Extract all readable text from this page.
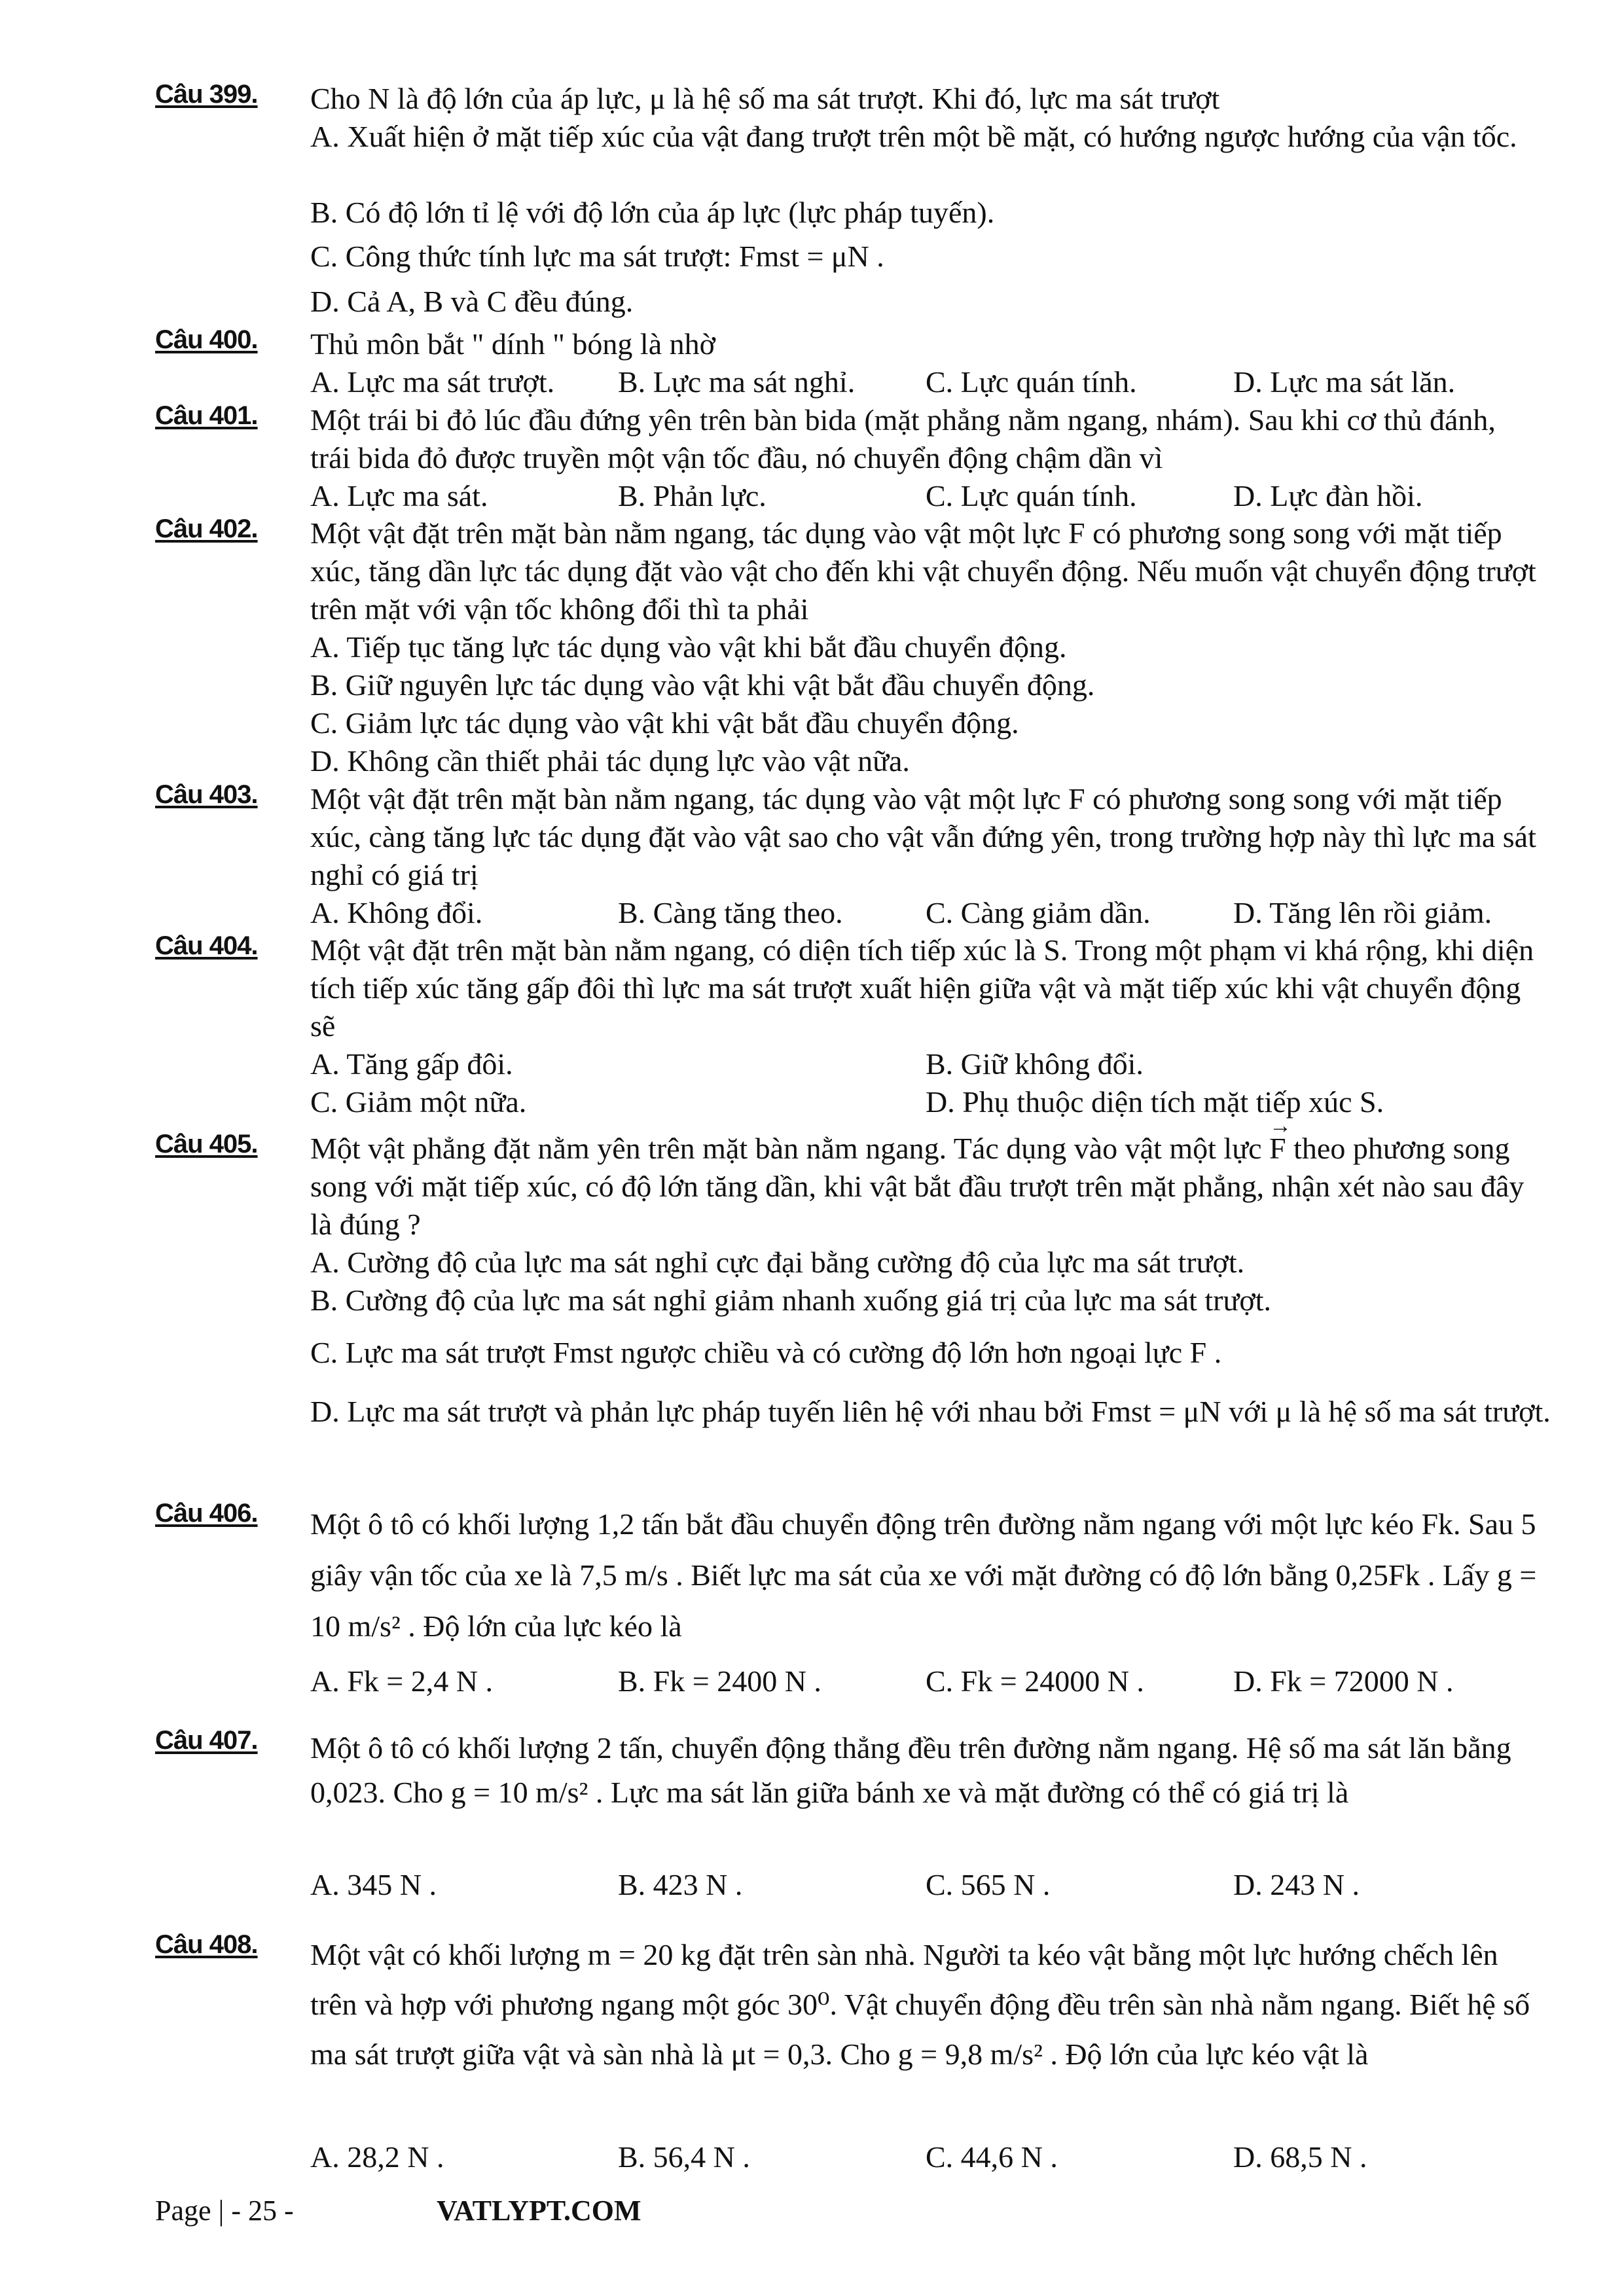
Câu 399. Cho N là độ lớn của áp lực, μ là hệ số ma sát trượt. Khi đó, lực ma sát trượt
A. Xuất hiện ở mặt tiếp xúc của vật đang trượt trên một bề mặt, có hướng ngược hướng của vận tốc.
B. Có độ lớn tỉ lệ với độ lớn của áp lực (lực pháp tuyến).
C. Công thức tính lực ma sát trượt: Fmst = μN .
D. Cả A, B và C đều đúng.
Câu 400. Thủ môn bắt " dính " bóng là nhờ
A. Lực ma sát trượt. B. Lực ma sát nghỉ. C. Lực quán tính.	D. Lực ma sát lăn.
Câu 401. Một trái bi đỏ lúc đầu đứng yên trên bàn bida (mặt phẳng nằm ngang, nhám). Sau khi cơ thủ đánh, trái bida đỏ được truyền một vận tốc đầu, nó chuyển động chậm dần vì
A. Lực ma sát.	B. Phản lực.	C. Lực quán tính.	D. Lực đàn hồi.
Câu 402. Một vật đặt trên mặt bàn nằm ngang, tác dụng vào vật một lực F có phương song song với mặt tiếp xúc, tăng dần lực tác dụng đặt vào vật cho đến khi vật chuyển động. Nếu muốn vật chuyển động trượt trên mặt với vận tốc không đổi thì ta phải
A. Tiếp tục tăng lực tác dụng vào vật khi bắt đầu chuyển động.
B. Giữ nguyên lực tác dụng vào vật khi vật bắt đầu chuyển động.
C. Giảm lực tác dụng vào vật khi vật bắt đầu chuyển động.
D. Không cần thiết phải tác dụng lực vào vật nữa.
Câu 403. Một vật đặt trên mặt bàn nằm ngang, tác dụng vào vật một lực F có phương song song với mặt tiếp xúc, càng tăng lực tác dụng đặt vào vật sao cho vật vẫn đứng yên, trong trường hợp này thì lực ma sát nghỉ có giá trị
A. Không đổi.	B. Càng tăng theo.	C. Càng giảm dần.	D. Tăng lên rồi giảm.
Câu 404. Một vật đặt trên mặt bàn nằm ngang, có diện tích tiếp xúc là S. Trong một phạm vi khá rộng, khi diện tích tiếp xúc tăng gấp đôi thì lực ma sát trượt xuất hiện giữa vật và mặt tiếp xúc khi vật chuyển động sẽ
A. Tăng gấp đôi.	B. Giữ không đổi.
C. Giảm một nữa.	D. Phụ thuộc diện tích mặt tiếp xúc S.
Câu 405. Một vật phẳng đặt nằm yên trên mặt bàn nằm ngang. Tác dụng vào vật một lực → F theo phương song song với mặt tiếp xúc, có độ lớn tăng dần, khi vật bắt đầu trượt trên mặt phẳng, nhận xét nào sau đây là đúng ?
A. Cường độ của lực ma sát nghỉ cực đại bằng cường độ của lực ma sát trượt.
B. Cường độ của lực ma sát nghỉ giảm nhanh xuống giá trị của lực ma sát trượt.
C. Lực ma sát trượt Fmst ngược chiều và có cường độ lớn hơn ngoại lực F .
D. Lực ma sát trượt và phản lực pháp tuyến liên hệ với nhau bởi Fmst = μN với μ là hệ số ma sát trượt.
Câu 406. Một ô tô có khối lượng 1,2 tấn bắt đầu chuyển động trên đường nằm ngang với một lực kéo Fk. Sau 5 giây vận tốc của xe là 7,5 m/s . Biết lực ma sát của xe với mặt đường có độ lớn bằng 0,25Fk . Lấy g = 10 m/s² . Độ lớn của lực kéo là
A. Fk = 2,4 N .	B. Fk = 2400 N .	C. Fk = 24000 N .	D. Fk = 72000 N .
Câu 407. Một ô tô có khối lượng 2 tấn, chuyển động thẳng đều trên đường nằm ngang. Hệ số ma sát lăn bằng 0,023. Cho g = 10 m/s² . Lực ma sát lăn giữa bánh xe và mặt đường có thể có giá trị là
A. 345 N .	B. 423 N .	C. 565 N .	D. 243 N .
Câu 408. Một vật có khối lượng m = 20 kg đặt trên sàn nhà. Người ta kéo vật bằng một lực hướng chếch lên trên và hợp với phương ngang một góc 30⁰. Vật chuyển động đều trên sàn nhà nằm ngang. Biết hệ số ma sát trượt giữa vật và sàn nhà là μt = 0,3. Cho g = 9,8 m/s² . Độ lớn của lực kéo vật là
A. 28,2 N .	B. 56,4 N .	C. 44,6 N .	D. 68,5 N .
Page | - 25 -	VATLYPT.COM
